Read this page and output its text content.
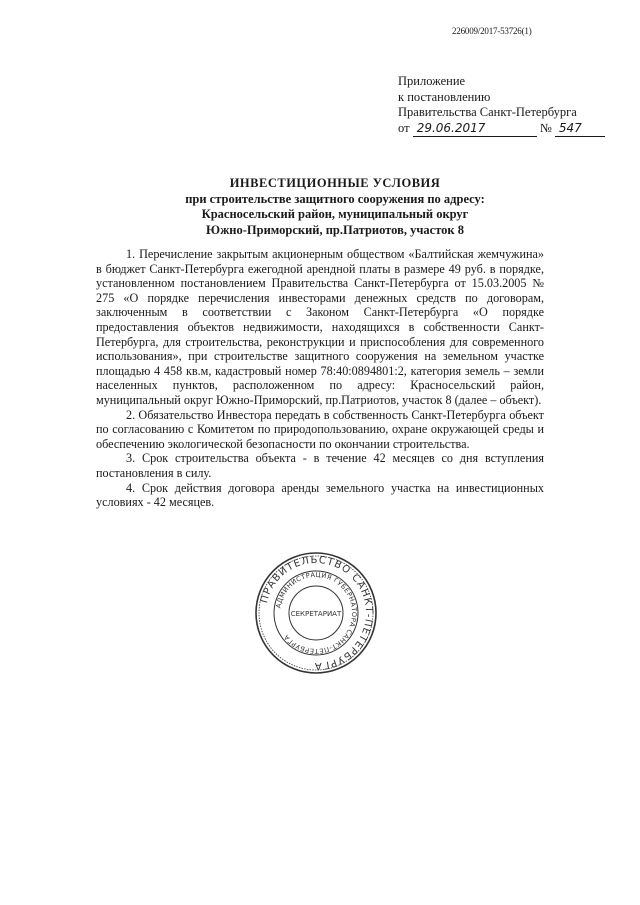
226009/2017-53726(1)
Приложение
к постановлению
Правительства Санкт-Петербурга
от 29.06.2017	№ 547
ИНВЕСТИЦИОННЫЕ УСЛОВИЯ
при строительстве защитного сооружения по адресу:
Красносельский район, муниципальный округ
Южно-Приморский, пр.Патриотов, участок 8

1. Перечисление закрытым акционерным обществом «Балтийская жемчужина» в бюджет Санкт-Петербурга ежегодной арендной платы в размере 49 руб. в порядке, установленном постановлением Правительства Санкт-Петербурга от 15.03.2005 № 275 «О порядке перечисления инвесторами денежных средств по договорам, заключенным в соответствии с Законом Санкт-Петербурга «О порядке предоставления объектов недвижимости, находящихся в собственности Санкт-Петербурга, для строительства, реконструкции и приспособления для современного использования», при строительстве защитного сооружения на земельном участке площадью 4 458 кв.м, кадастровый номер 78:40:0894801:2, категория земель – земли населенных пунктов, расположенном по адресу: Красносельский район, муниципальный округ Южно-Приморский, пр.Патриотов, участок 8 (далее – объект).

2. Обязательство Инвестора передать в собственность Санкт-Петербурга объект по согласованию с Комитетом по природопользованию, охране окружающей среды и обеспечению экологической безопасности по окончании строительства.

3. Срок строительства объекта - в течение 42 месяцев со дня вступления постановления в силу.

4. Срок действия договора аренды земельного участка на инвестиционных условиях - 42 месяцев.

ПРАВИТЕЛЬСТВО САНКТ-ПЕТЕРБУРГА
АДМИНИСТРАЦИЯ ГУБЕРНАТОРА САНКТ-ПЕТЕРБУРГА
СЕКРЕТАРИАТ
